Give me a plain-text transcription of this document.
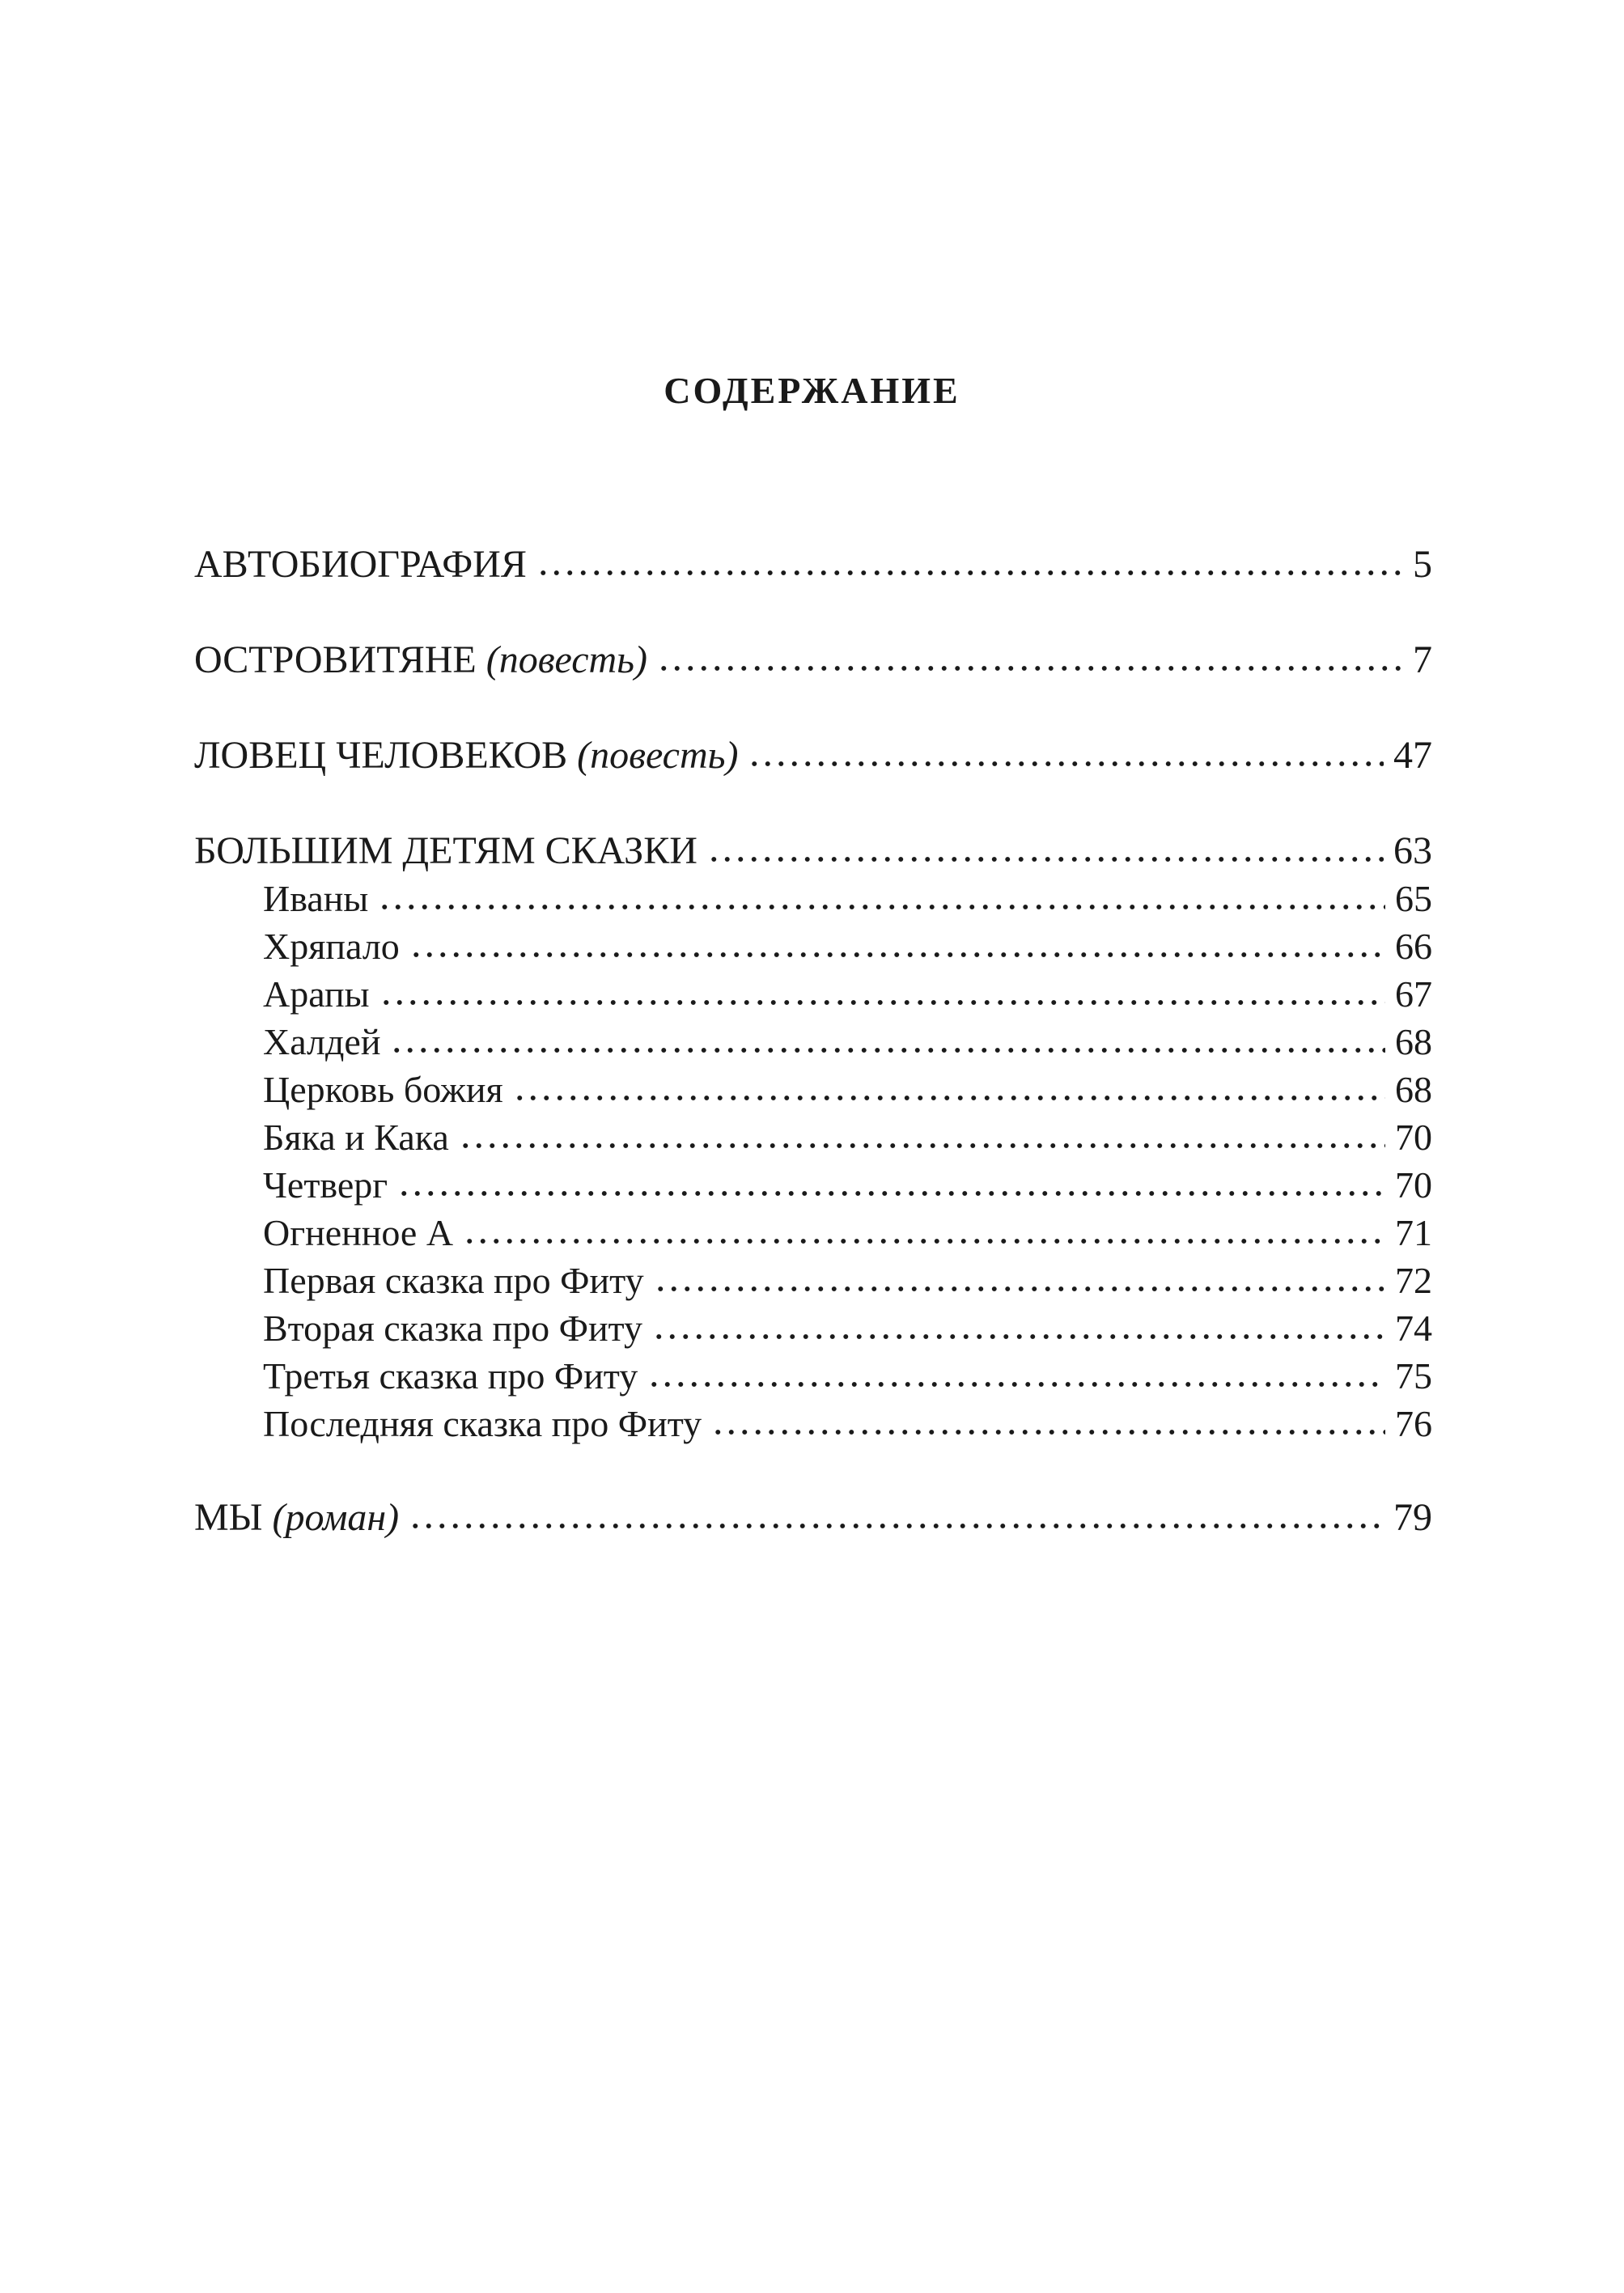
СОДЕРЖАНИЕ
АВТОБИОГРАФИЯ	5
ОСТРОВИТЯНЕ (повесть)	7
ЛОВЕЦ ЧЕЛОВЕКОВ (повесть)	47
БОЛЬШИМ ДЕТЯМ СКАЗКИ	63
Иваны	65
Хряпало	66
Арапы	67
Халдей	68
Церковь божия	68
Бяка и Кака	70
Четверг	70
Огненное А	71
Первая сказка про Фиту	72
Вторая сказка про Фиту	74
Третья сказка про Фиту	75
Последняя сказка про Фиту	76
МЫ (роман)	79
